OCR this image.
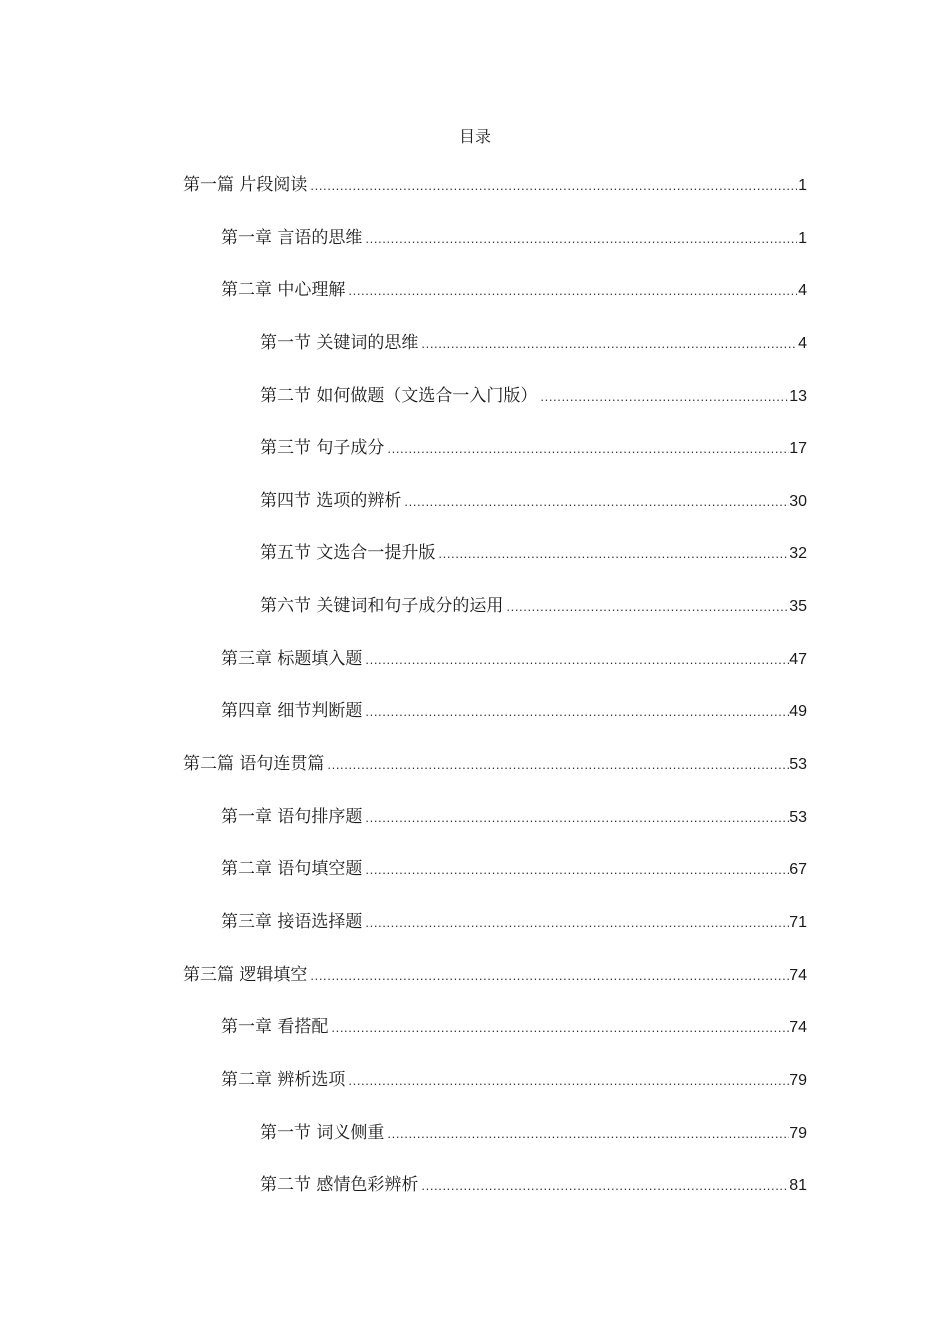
目录
第一篇 片段阅读 .....	1
第一章 言语的思维 .....	1
第二章 中心理解 .....	4
第一节 关键词的思维 .....	4
第二节 如何做题（文选合一入门版） .....	13
第三节 句子成分 .....	17
第四节 选项的辨析 .....	30
第五节 文选合一提升版 .....	32
第六节 关键词和句子成分的运用 .....	35
第三章 标题填入题 .....	47
第四章 细节判断题 .....	49
第二篇 语句连贯篇 .....	53
第一章 语句排序题 .....	53
第二章 语句填空题 .....	67
第三章 接语选择题 .....	71
第三篇 逻辑填空 .....	74
第一章 看搭配 .....	74
第二章 辨析选项 .....	79
第一节 词义侧重 .....	79
第二节 感情色彩辨析 .....	81
